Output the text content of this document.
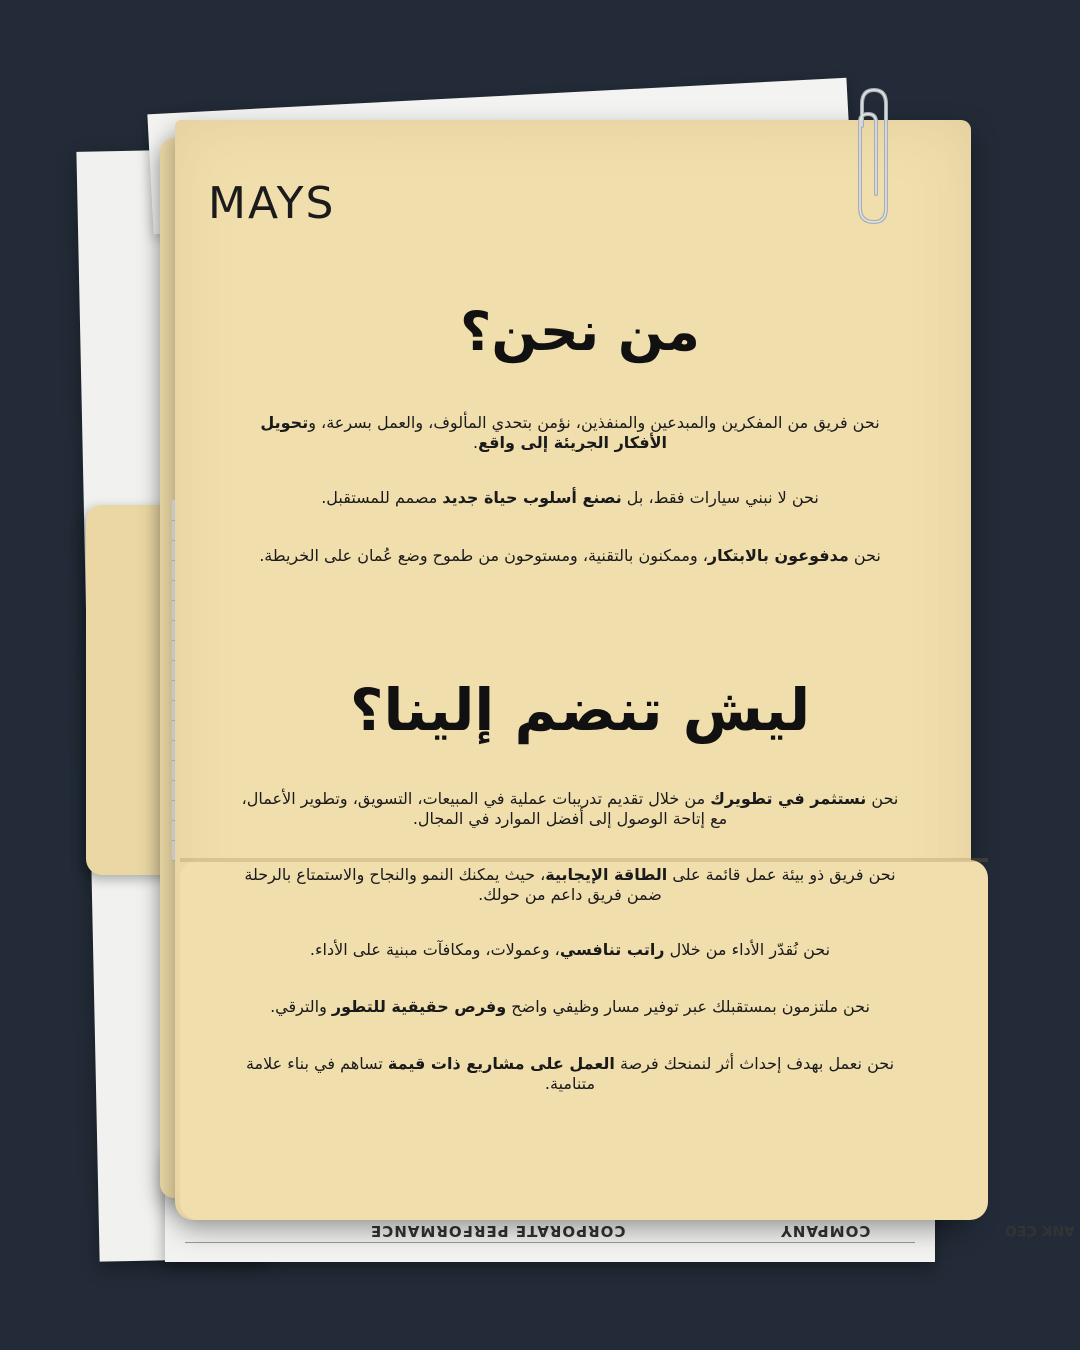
CORPORATE PERFORMANCE	COMPANY	ANK CEO
MAYS
من نحن؟
نحن فريق من المفكرين والمبدعين والمنفذين، نؤمن بتحدي المألوف، والعمل بسرعة، وتحويل الأفكار الجريئة إلى واقع.
نحن لا نبني سيارات فقط، بل نصنع أسلوب حياة جديد مصمم للمستقبل.
نحن مدفوعون بالابتكار، وممكنون بالتقنية، ومستوحون من طموح وضع عُمان على الخريطة.
ليش تنضم إلينا؟
نحن نستثمر في تطويرك من خلال تقديم تدريبات عملية في المبيعات، التسويق، وتطوير الأعمال، مع إتاحة الوصول إلى أفضل الموارد في المجال.
نحن فريق ذو بيئة عمل قائمة على الطاقة الإيجابية، حيث يمكنك النمو والنجاح والاستمتاع بالرحلة ضمن فريق داعم من حولك.
نحن نُقدّر الأداء من خلال راتب تنافسي، وعمولات، ومكافآت مبنية على الأداء.
نحن ملتزمون بمستقبلك عبر توفير مسار وظيفي واضح وفرص حقيقية للتطور والترقي.
نحن نعمل بهدف إحداث أثر لنمنحك فرصة العمل على مشاريع ذات قيمة تساهم في بناء علامة متنامية.
